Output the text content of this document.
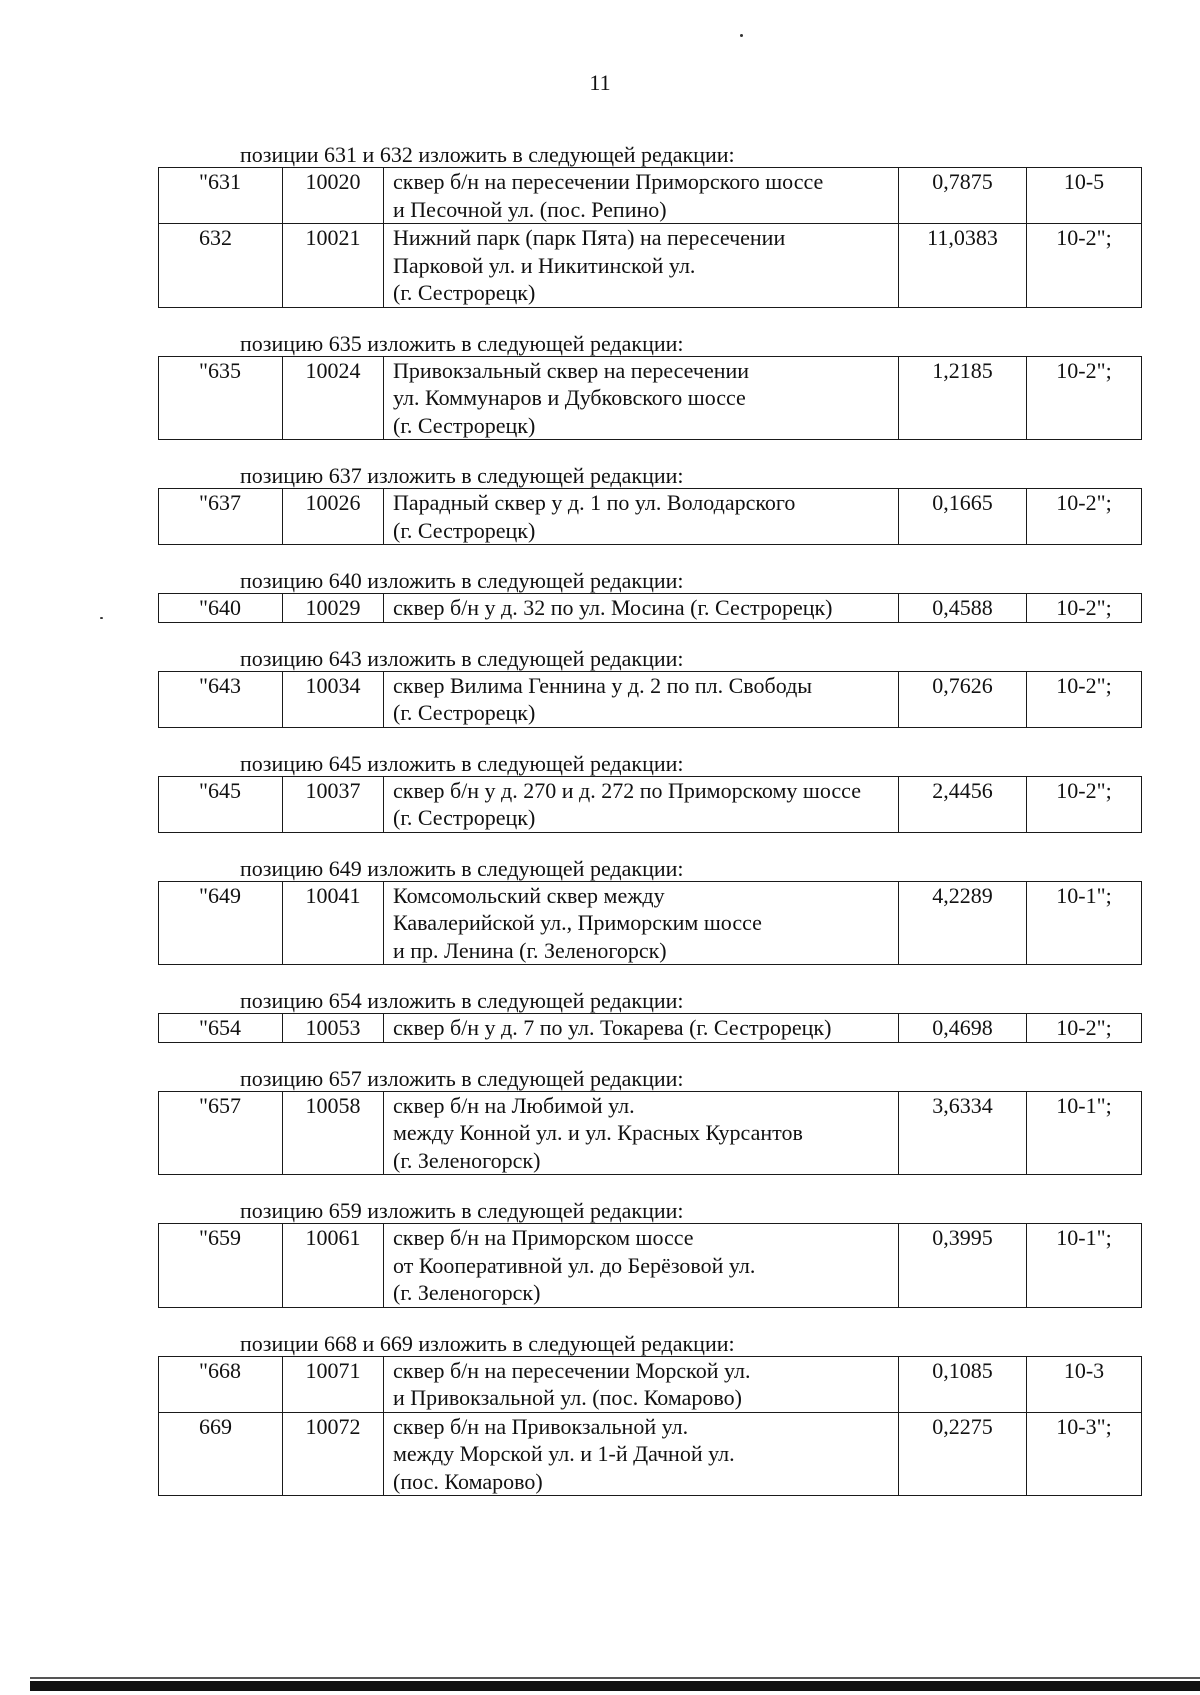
11
позиции 631 и 632 изложить в следующей редакции:
"631	10020	сквер б/н на пересечении Приморского шоссе
и Песочной ул. (пос. Репино)	0,7875	10-5
632	10021	Нижний парк (парк Пята) на пересечении
Парковой ул. и Никитинской ул.
(г. Сестрорецк)	11,0383	10-2";
позицию 635 изложить в следующей редакции:
"635	10024	Привокзальный сквер на пересечении
ул. Коммунаров и Дубковского шоссе
(г. Сестрорецк)
	1,2185	10-2";
позицию 637 изложить в следующей редакции:
"637	10026	Парадный сквер у д. 1 по ул. Володарского
(г. Сестрорецк)
	0,1665	10-2";
позицию 640 изложить в следующей редакции:
"640	10029	сквер б/н у д. 32 по ул. Мосина (г. Сестрорецк)	0,4588	10-2";
позицию 643 изложить в следующей редакции:
"643	10034	сквер Вилима Геннина у д. 2 по пл. Свободы
(г. Сестрорецк)
	0,7626	10-2";
позицию 645 изложить в следующей редакции:
"645	10037	сквер б/н у д. 270 и д. 272 по Приморскому шоссе
(г. Сестрорецк)
	2,4456	10-2";
позицию 649 изложить в следующей редакции:
"649	10041	Комсомольский сквер между
Кавалерийской ул., Приморским шоссе
и пр. Ленина (г. Зеленогорск)
	4,2289	10-1";
позицию 654 изложить в следующей редакции:
"654	10053	сквер б/н у д. 7 по ул. Токарева (г. Сестрорецк)	0,4698	10-2";
позицию 657 изложить в следующей редакции:
"657	10058	сквер б/н на Любимой ул.
между Конной ул. и ул. Красных Курсантов
(г. Зеленогорск)
	3,6334	10-1";
позицию 659 изложить в следующей редакции:
"659	10061	сквер б/н на Приморском шоссе
от Кооперативной ул. до Берёзовой ул.
(г. Зеленогорск)
	0,3995	10-1";
позиции 668 и 669 изложить в следующей редакции:
"668	10071	сквер б/н на пересечении Морской ул.
и Привокзальной ул. (пос. Комарово)	0,1085	10-3
669	10072	сквер б/н на Привокзальной ул.
между Морской ул. и 1-й Дачной ул.
(пос. Комарово)	0,2275	10-3";
